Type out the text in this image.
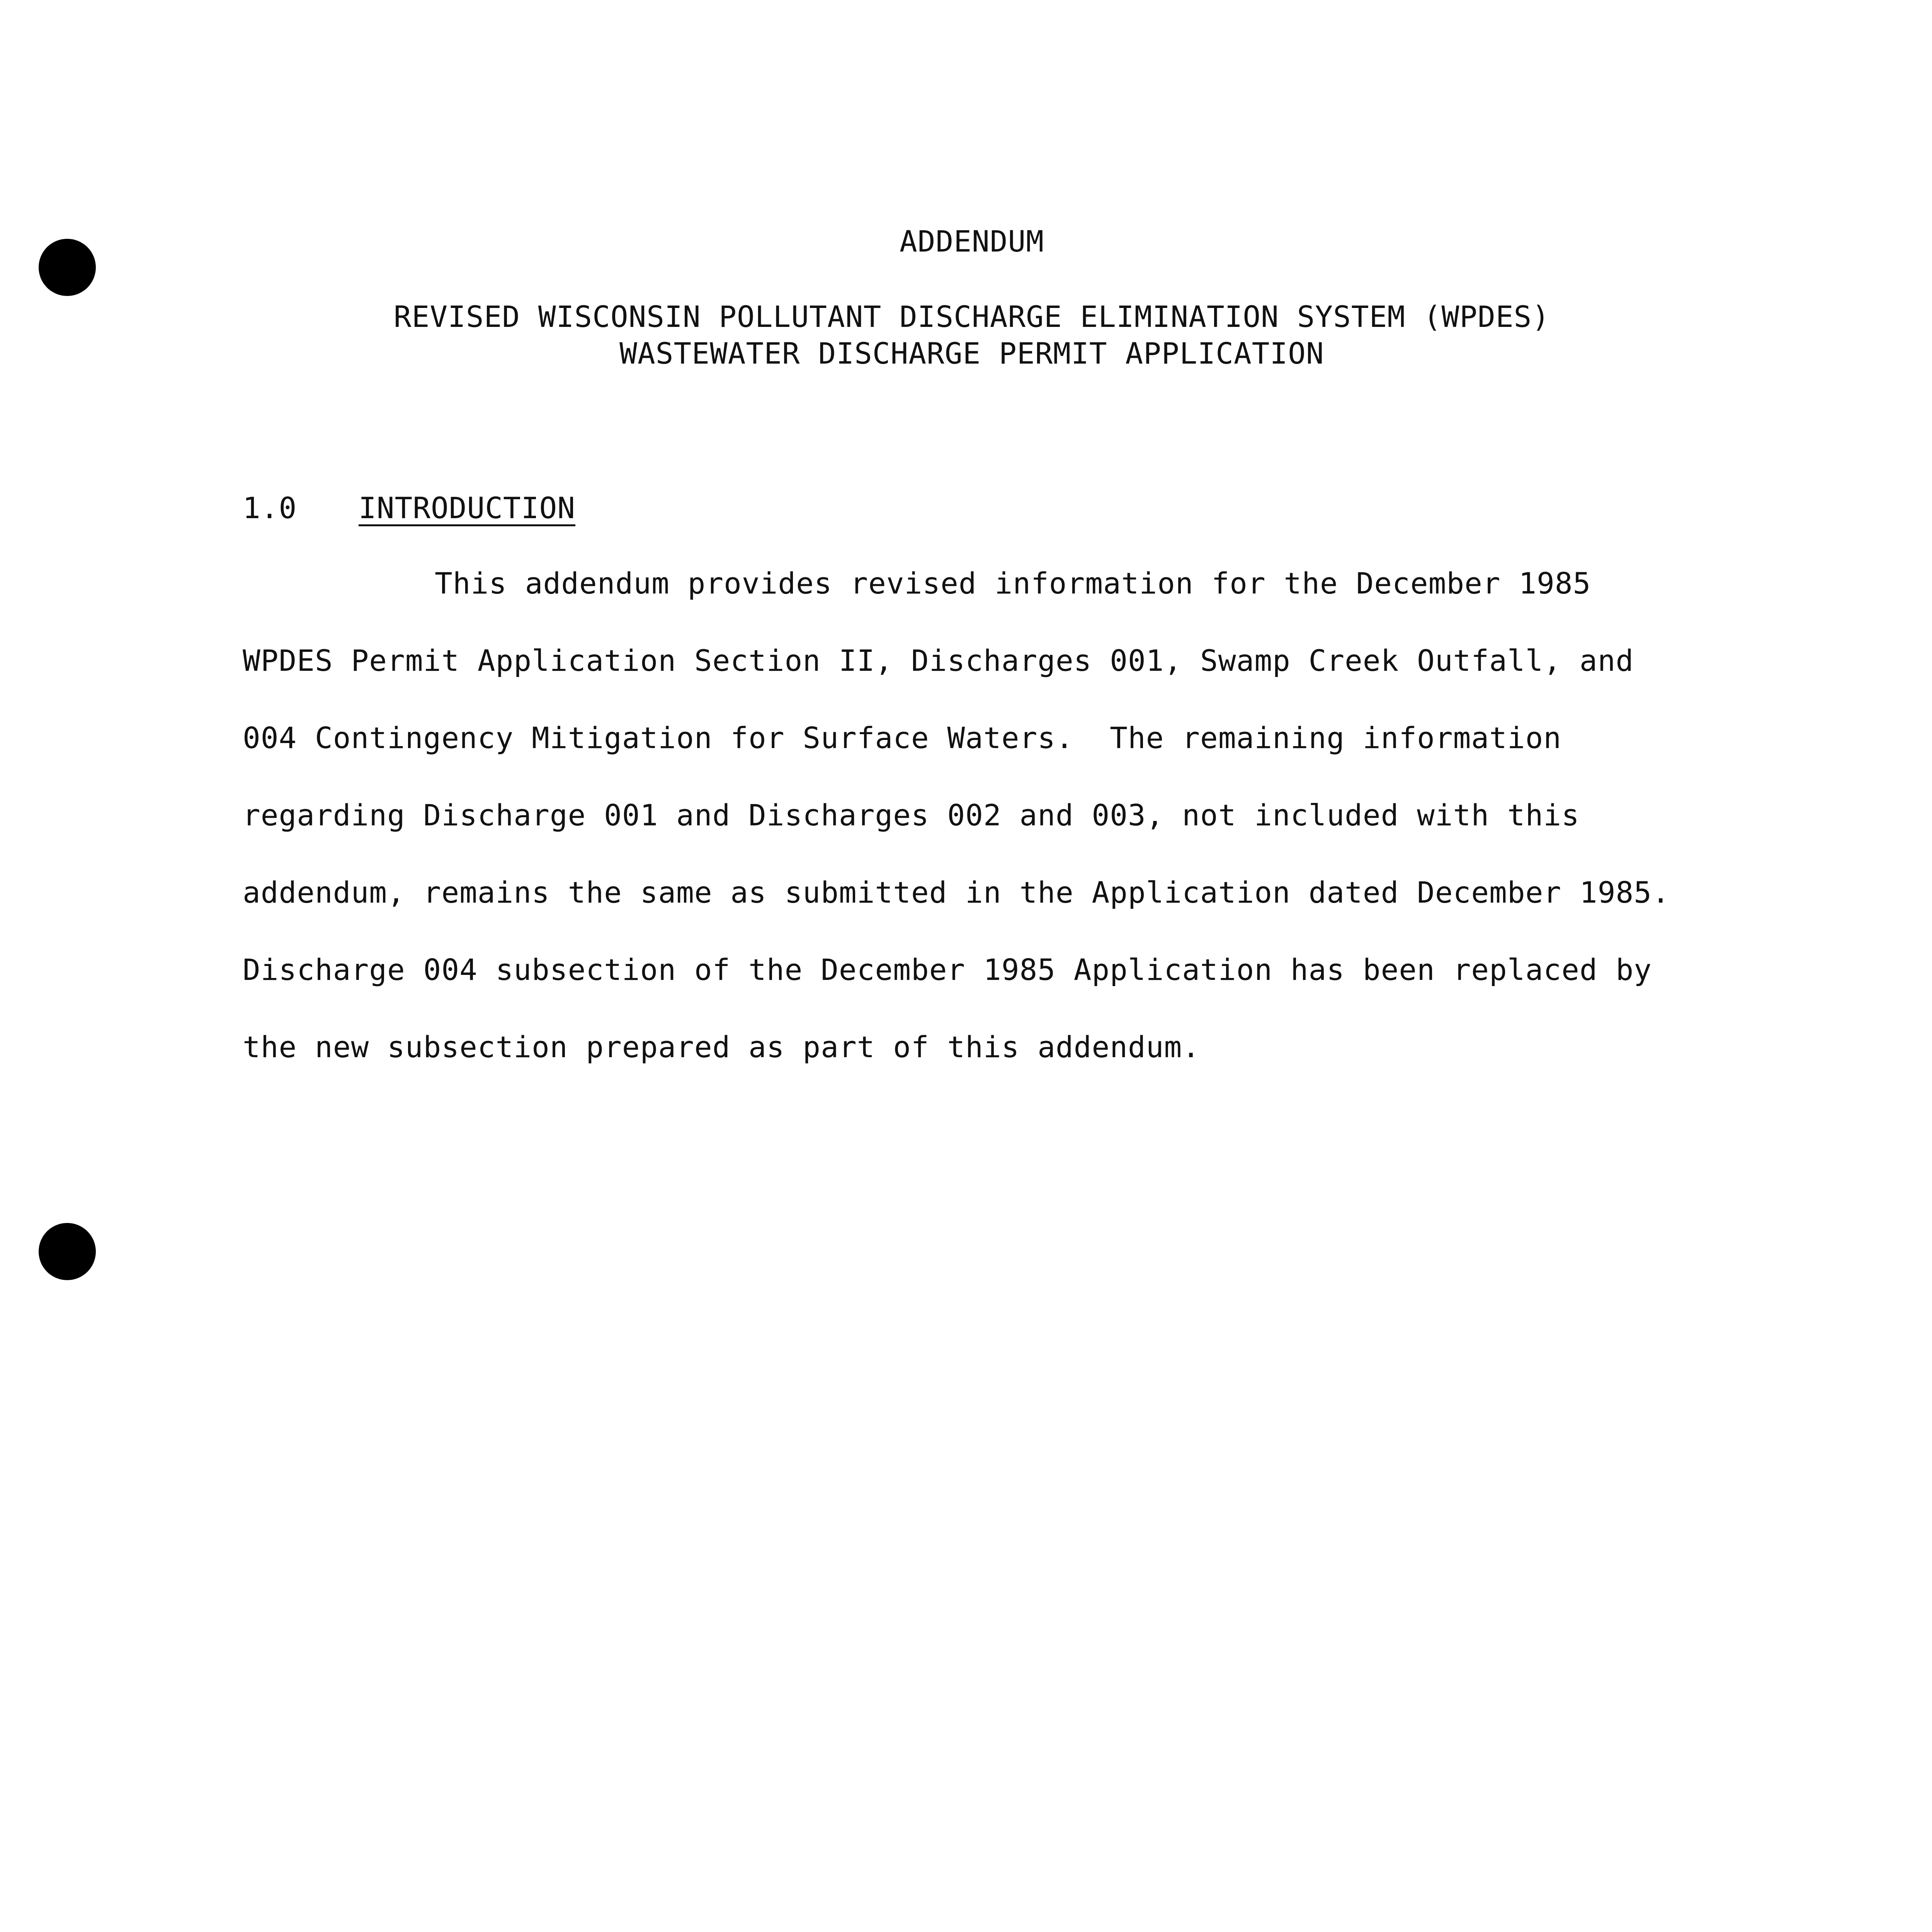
ADDENDUM
REVISED WISCONSIN POLLUTANT DISCHARGE ELIMINATION SYSTEM (WPDES)
WASTEWATER DISCHARGE PERMIT APPLICATION
1.0 INTRODUCTION
This addendum provides revised information for the December 1985
WPDES Permit Application Section II, Discharges 001, Swamp Creek Outfall, and
004 Contingency Mitigation for Surface Waters.  The remaining information
regarding Discharge 001 and Discharges 002 and 003, not included with this
addendum, remains the same as submitted in the Application dated December 1985.
Discharge 004 subsection of the December 1985 Application has been replaced by
the new subsection prepared as part of this addendum.
